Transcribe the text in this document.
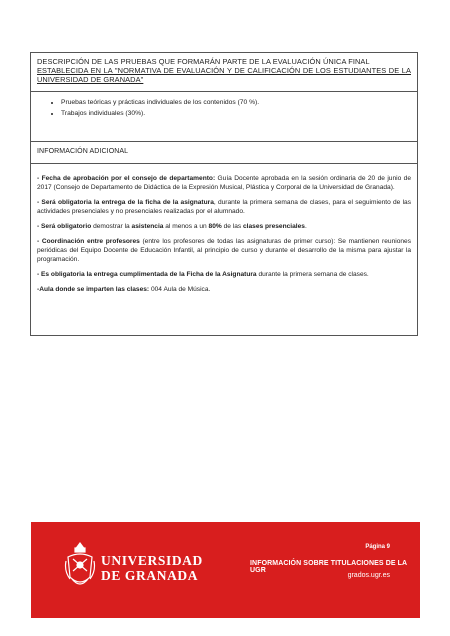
DESCRIPCIÓN DE LAS PRUEBAS QUE FORMARÁN PARTE DE LA EVALUACIÓN ÚNICA FINAL
ESTABLECIDA EN LA "NORMATIVA DE EVALUACIÓN Y DE CALIFICACIÓN DE LOS ESTUDIANTES DE LA UNIVERSIDAD DE GRANADA"
• Pruebas teóricas y prácticas individuales de los contenidos (70 %).
• Trabajos individuales (30%).
INFORMACIÓN ADICIONAL

- Fecha de aprobación por el consejo de departamento: Guía Docente aprobada en la sesión ordinaria de 20 de junio de 2017 (Consejo de Departamento de Didáctica de la Expresión Musical, Plástica y Corporal de la Universidad de Granada).

- Será obligatoria la entrega de la ficha de la asignatura, durante la primera semana de clases, para el seguimiento de las actividades presenciales y no presenciales realizadas por el alumnado.

- Será obligatorio demostrar la asistencia al menos a un 80% de las clases presenciales.

- Coordinación entre profesores (entre los profesores de todas las asignaturas de primer curso): Se mantienen reuniones periódicas del Equipo Docente de Educación Infantil, al principio de curso y durante el desarrollo de la misma para ajustar la programación.

- Es obligatoria la entrega cumplimentada de la Ficha de la Asignatura durante la primera semana de clases.

-Aula donde se imparten las clases: 004 Aula de Música.

UNIVERSIDAD
DE GRANADA
Página 9
INFORMACIÓN SOBRE TITULACIONES DE LA UGR
grados.ugr.es
